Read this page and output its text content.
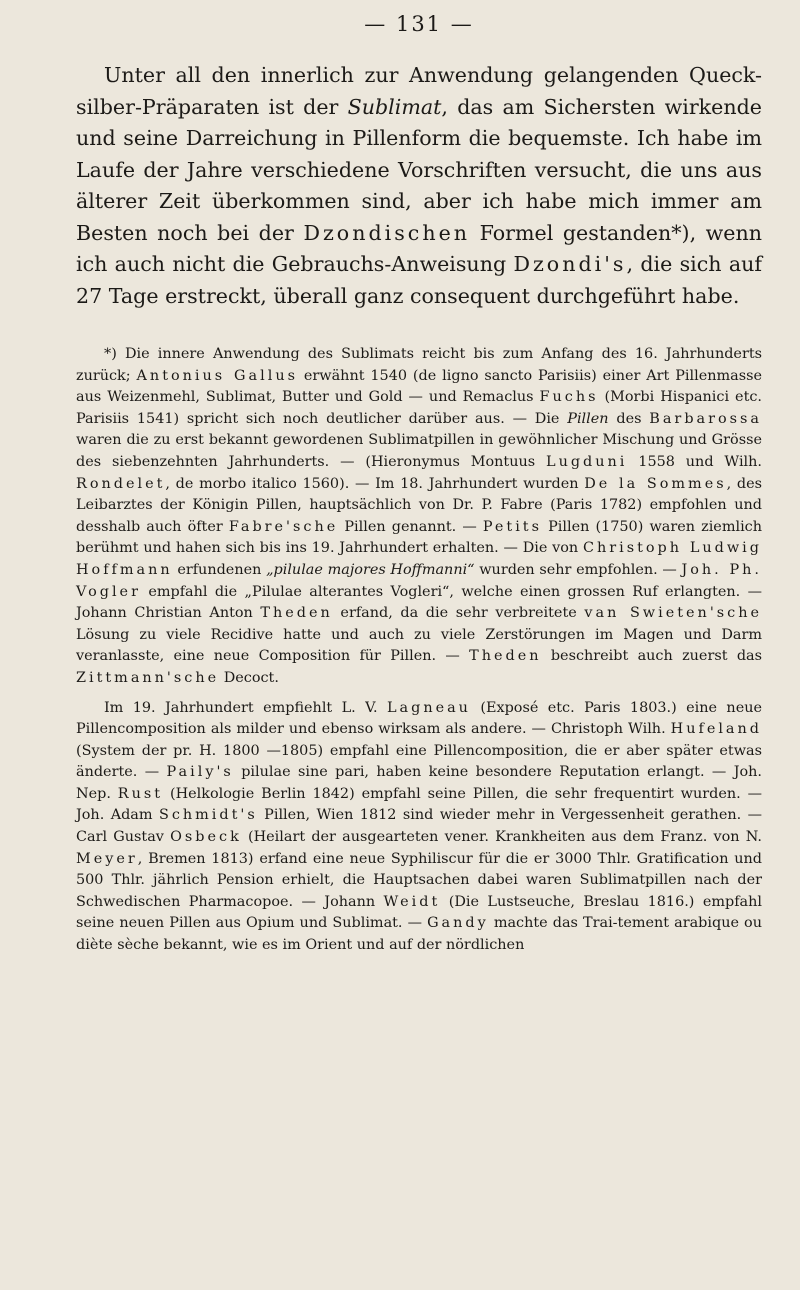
— 131 —

Unter all den innerlich zur Anwendung gelangenden Queck-silber-Präparaten ist der Sublimat, das am Sichersten wirkende und seine Darreichung in Pillenform die bequemste. Ich habe im Laufe der Jahre verschiedene Vorschriften versucht, die uns aus älterer Zeit überkommen sind, aber ich habe mich immer am Besten noch bei der Dzondischen Formel gestanden*), wenn ich auch nicht die Gebrauchs-Anweisung Dzondi's, die sich auf 27 Tage erstreckt, überall ganz consequent durchgeführt habe.

*) Die innere Anwendung des Sublimats reicht bis zum Anfang des 16. Jahrhunderts zurück; Antonius Gallus erwähnt 1540 (de ligno sancto Parisiis) einer Art Pillenmasse aus Weizenmehl, Sublimat, Butter und Gold — und Remaclus Fuchs (Morbi Hispanici etc. Parisiis 1541) spricht sich noch deutlicher darüber aus. — Die Pillen des Barbarossa waren die zu erst bekannt gewordenen Sublimatpillen in gewöhnlicher Mischung und Grösse des siebenzehnten Jahrhunderts. — (Hieronymus Montuus Lugduni 1558 und Wilh. Rondelet, de morbo italico 1560). — Im 18. Jahrhundert wurden De la Sommes, des Leibarztes der Königin Pillen, hauptsächlich von Dr. P. Fabre (Paris 1782) empfohlen und desshalb auch öfter Fabre'sche Pillen genannt. — Petits Pillen (1750) waren ziemlich berühmt und hahen sich bis ins 19. Jahrhundert erhalten. — Die von Christoph Ludwig Hoffmann erfundenen „pilulae majores Hoffmanni“ wurden sehr empfohlen. — Joh. Ph. Vogler empfahl die „Pilulae alterantes Vogleri“, welche einen grossen Ruf erlangten. — Johann Christian Anton Theden erfand, da die sehr verbreitete van Swieten'sche Lösung zu viele Recidive hatte und auch zu viele Zerstörungen im Magen und Darm veranlasste, eine neue Composition für Pillen. — Theden beschreibt auch zuerst das Zittmann'sche Decoct.

Im 19. Jahrhundert empfiehlt L. V. Lagneau (Exposé etc. Paris 1803.) eine neue Pillencomposition als milder und ebenso wirksam als andere. — Christoph Wilh. Hufeland (System der pr. H. 1800 —1805) empfahl eine Pillencomposition, die er aber später etwas änderte. — Paily's pilulae sine pari, haben keine besondere Reputation erlangt. — Joh. Nep. Rust (Helkologie Berlin 1842) empfahl seine Pillen, die sehr frequentirt wurden. — Joh. Adam Schmidt's Pillen, Wien 1812 sind wieder mehr in Vergessenheit gerathen. — Carl Gustav Osbeck (Heilart der ausgearteten vener. Krankheiten aus dem Franz. von N. Meyer, Bremen 1813) erfand eine neue Syphiliscur für die er 3000 Thlr. Gratification und 500 Thlr. jährlich Pension erhielt, die Hauptsachen dabei waren Sublimatpillen nach der Schwedischen Pharmacopoe. — Johann Weidt (Die Lustseuche, Breslau 1816.) empfahl seine neuen Pillen aus Opium und Sublimat. — Gandy machte das Trai-tement arabique ou diète sèche bekannt, wie es im Orient und auf der nördlichen
